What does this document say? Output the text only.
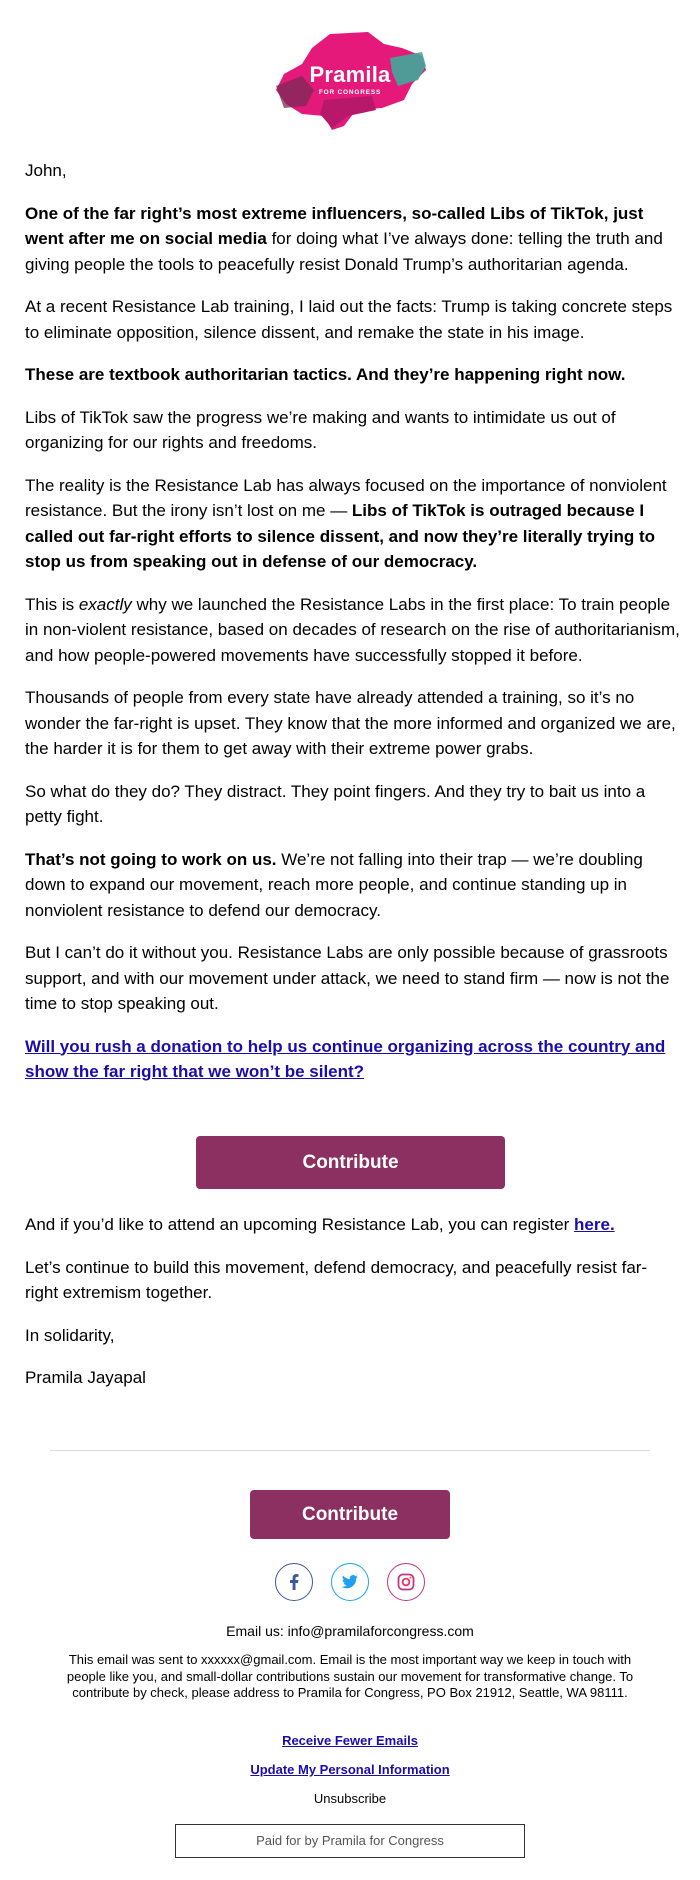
Pramila
FOR CONGRESS

John,

One of the far right’s most extreme influencers, so-called Libs of TikTok, just went after me on social media for doing what I’ve always done: telling the truth and giving people the tools to peacefully resist Donald Trump’s authoritarian agenda.

At a recent Resistance Lab training, I laid out the facts: Trump is taking concrete steps to eliminate opposition, silence dissent, and remake the state in his image.

These are textbook authoritarian tactics. And they’re happening right now.

Libs of TikTok saw the progress we’re making and wants to intimidate us out of organizing for our rights and freedoms.

The reality is the Resistance Lab has always focused on the importance of nonviolent resistance. But the irony isn’t lost on me — Libs of TikTok is outraged because I called out far-right efforts to silence dissent, and now they’re literally trying to stop us from speaking out in defense of our democracy.

This is exactly why we launched the Resistance Labs in the first place: To train people in non-violent resistance, based on decades of research on the rise of authoritarianism, and how people-powered movements have successfully stopped it before.

Thousands of people from every state have already attended a training, so it’s no wonder the far-right is upset. They know that the more informed and organized we are, the harder it is for them to get away with their extreme power grabs.

So what do they do? They distract. They point fingers. And they try to bait us into a petty fight.

That’s not going to work on us. We’re not falling into their trap — we’re doubling down to expand our movement, reach more people, and continue standing up in nonviolent resistance to defend our democracy.

But I can’t do it without you. Resistance Labs are only possible because of grassroots support, and with our movement under attack, we need to stand firm — now is not the time to stop speaking out.

Will you rush a donation to help us continue organizing across the country and show the far right that we won’t be silent?

Contribute

And if you’d like to attend an upcoming Resistance Lab, you can register here.

Let’s continue to build this movement, defend democracy, and peacefully resist far-right extremism together.

In solidarity,

Pramila Jayapal

Contribute
Email us: info@pramilaforcongress.com
This email was sent to xxxxxx@gmail.com. Email is the most important way we keep in touch with people like you, and small-dollar contributions sustain our movement for transformative change. To contribute by check, please address to Pramila for Congress, PO Box 21912, Seattle, WA 98111.
Receive Fewer Emails
Update My Personal Information
Unsubscribe
Paid for by Pramila for Congress
